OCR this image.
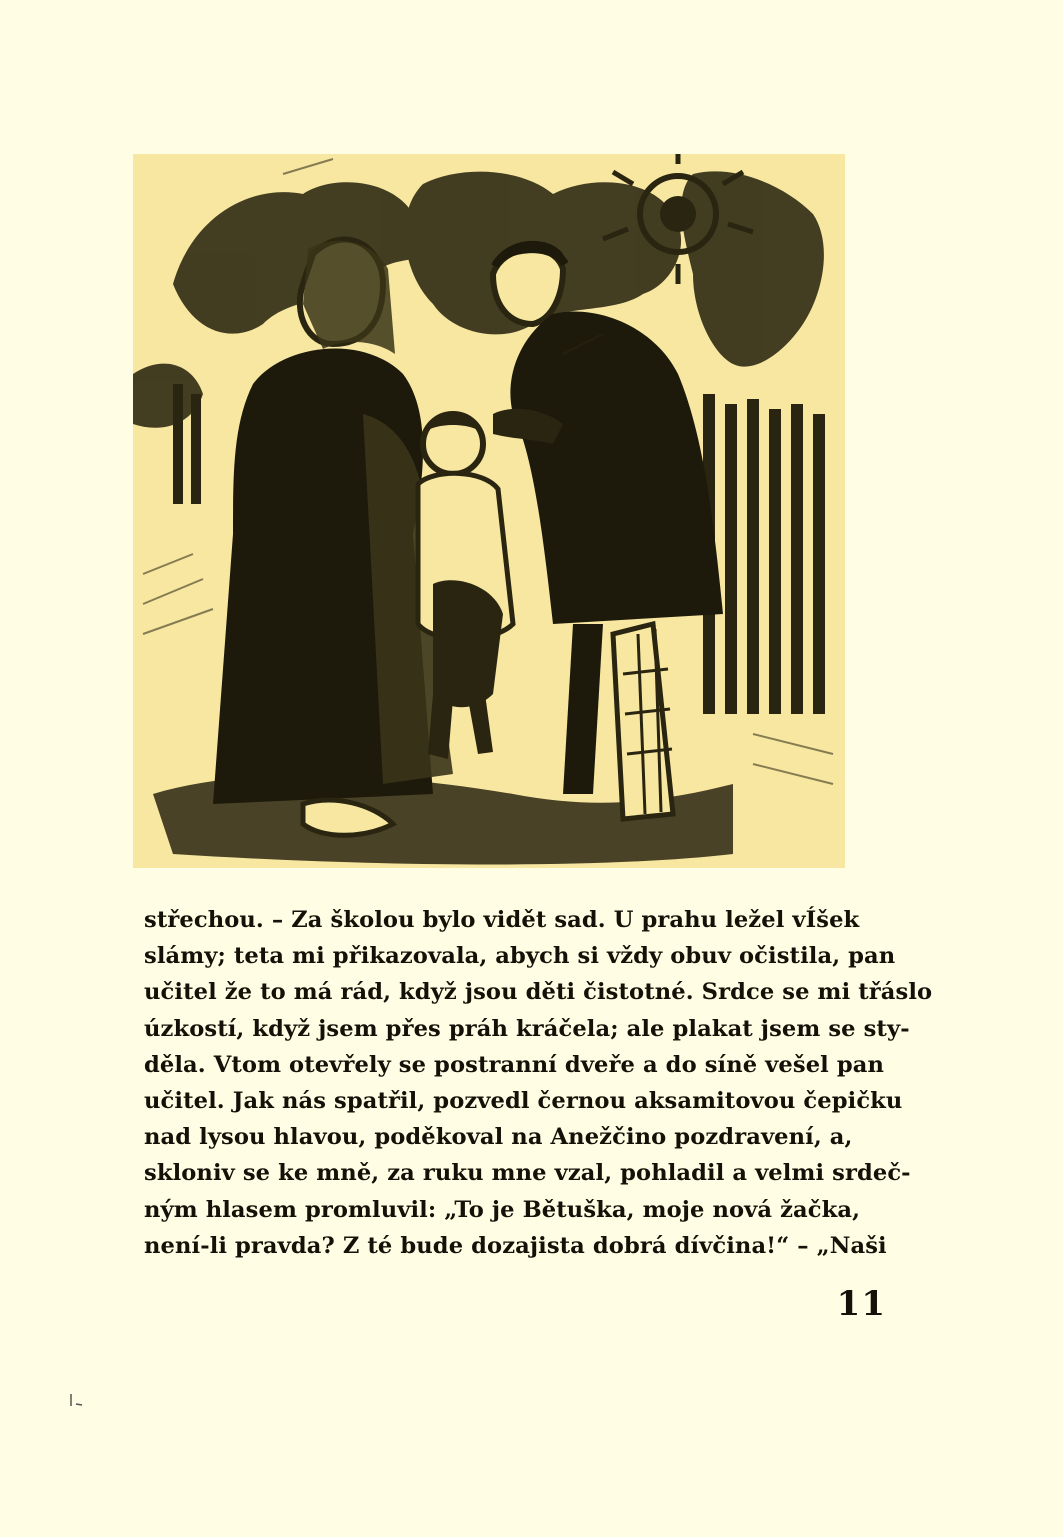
střechou. – Za školou bylo vidět sad. U prahu ležel vÍšek
slámy; teta mi přikazovala, abych si vždy obuv očistila, pan
učitel že to má rád, když jsou děti čistotné. Srdce se mi třáslo
úzkostí, když jsem přes práh kráčela; ale plakat jsem se sty-
děla. Vtom otevřely se postranní dveře a do síně vešel pan
učitel. Jak nás spatřil, pozvedl černou aksamitovou čepičku
nad lysou hlavou, poděkoval na Anežčino pozdravení, a,
skloniv se ke mně, za ruku mne vzal, pohladil a velmi srdeč-
ným hlasem promluvil: „To je Bětuška, moje nová žačka,
není-li pravda? Z té bude dozajista dobrá dívčina!“ – „Naši
11
